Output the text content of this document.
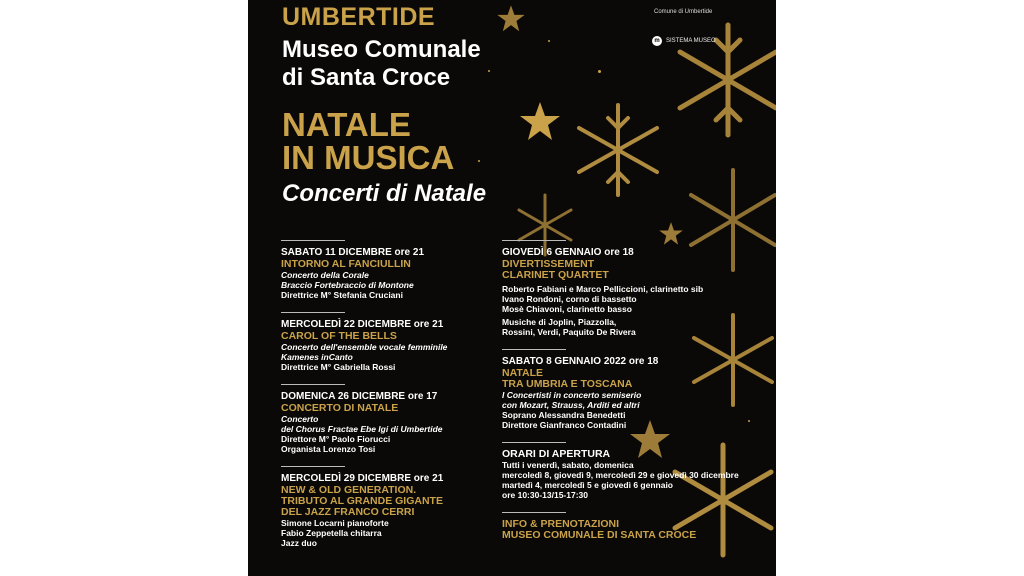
Comune di Umbertide
m	SISTEMA MUSEO
UMBERTIDE
Museo Comunale
di Santa Croce
NATALE
IN MUSICA
Concerti di Natale
SABATO 11 DICEMBRE ore 21
INTORNO AL FANCIULLIN
Concerto della Corale
Braccio Fortebraccio di Montone
Direttrice M° Stefania Cruciani
MERCOLEDÌ 22 DICEMBRE ore 21
CAROL OF THE BELLS
Concerto dell'ensemble vocale femminile
Kamenes inCanto
Direttrice M° Gabriella Rossi
DOMENICA 26 DICEMBRE ore 17
CONCERTO DI NATALE
Concerto
del Chorus Fractae Ebe Igi di Umbertide
Direttore M° Paolo Fiorucci
Organista Lorenzo Tosi
MERCOLEDÌ 29 DICEMBRE ore 21
NEW & OLD GENERATION.
TRIBUTO AL GRANDE GIGANTE
DEL JAZZ FRANCO CERRI
Simone Locarni pianoforte
Fabio Zeppetella chitarra
Jazz duo
GIOVEDÌ 6 GENNAIO ore 18
DIVERTISSEMENT
CLARINET QUARTET
Roberto Fabiani e Marco Pelliccioni, clarinetto sib
Ivano Rondoni, corno di bassetto
Mosè Chiavoni, clarinetto basso
Musiche di Joplin, Piazzolla,
Rossini, Verdi, Paquito De Rivera
SABATO 8 GENNAIO 2022 ore 18
NATALE
TRA UMBRIA E TOSCANA
I Concertisti in concerto semiserio
con Mozart, Strauss, Arditi ed altri
Soprano Alessandra Benedetti
Direttore Gianfranco Contadini
ORARI DI APERTURA
Tutti i venerdì, sabato, domenica
mercoledì 8, giovedì 9, mercoledì 29 e giovedì 30 dicembre
martedì 4, mercoledì 5 e giovedì 6 gennaio
ore 10:30-13/15-17:30
INFO & PRENOTAZIONI
MUSEO COMUNALE DI SANTA CROCE
